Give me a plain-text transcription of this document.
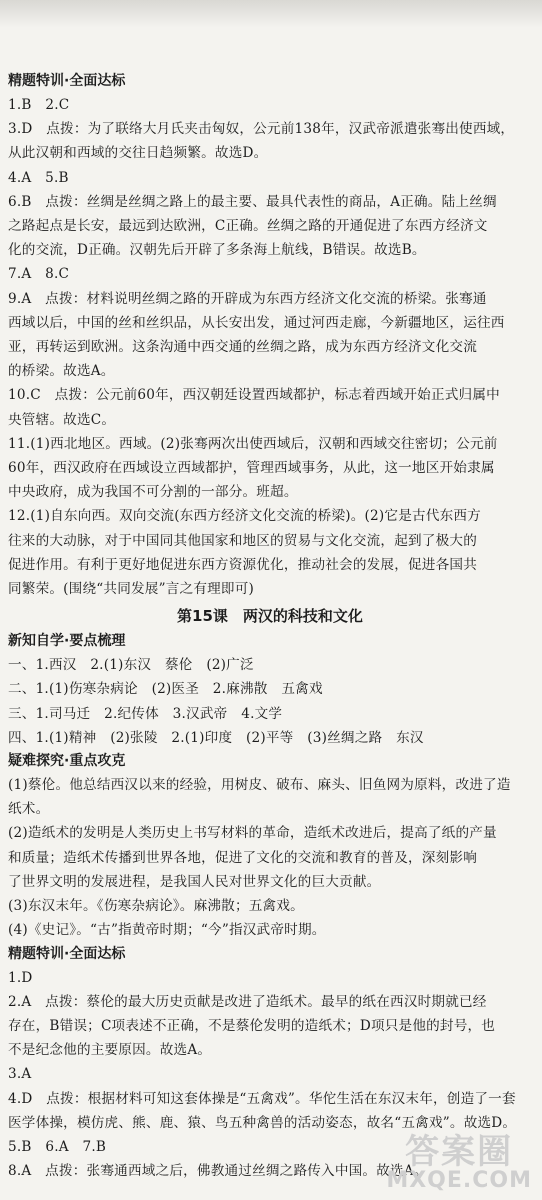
精题特训·全面达标
1.B　2.C
3.D　点拨：为了联络大月氏夹击匈奴，公元前138年，汉武帝派遣张骞出使西域，
从此汉朝和西域的交往日趋频繁。故选D。
4.A　5.B
6.B　点拨：丝绸是丝绸之路上的最主要、最具代表性的商品，A正确。陆上丝绸
之路起点是长安，最远到达欧洲，C正确。丝绸之路的开通促进了东西方经济文
化的交流，D正确。汉朝先后开辟了多条海上航线，B错误。故选B。
7.A　8.C
9.A　点拨：材料说明丝绸之路的开辟成为东西方经济文化交流的桥梁。张骞通
西域以后，中国的丝和丝织品，从长安出发，通过河西走廊，今新疆地区，运往西
亚，再转运到欧洲。这条沟通中西交通的丝绸之路，成为东西方经济文化交流
的桥梁。故选A。
10.C　点拨：公元前60年，西汉朝廷设置西域都护，标志着西域开始正式归属中
央管辖。故选C。
11.(1)西北地区。西域。(2)张骞两次出使西域后，汉朝和西域交往密切；公元前
60年，西汉政府在西域设立西域都护，管理西域事务，从此，这一地区开始隶属
中央政府，成为我国不可分割的一部分。班超。
12.(1)自东向西。双向交流(东西方经济文化交流的桥梁)。(2)它是古代东西方
往来的大动脉，对于中国同其他国家和地区的贸易与文化交流，起到了极大的
促进作用。有利于更好地促进东西方资源优化，推动社会的发展，促进各国共
同繁荣。(围绕“共同发展”言之有理即可)
第15课　两汉的科技和文化
新知自学·要点梳理
一、1.西汉　2.(1)东汉　蔡伦　(2)广泛
二、1.(1)伤寒杂病论　(2)医圣　2.麻沸散　五禽戏
三、1.司马迁　2.纪传体　3.汉武帝　4.文学
四、1.(1)精神　(2)张陵　2.(1)印度　(2)平等　(3)丝绸之路　东汉
疑难探究·重点攻克
(1)蔡伦。他总结西汉以来的经验，用树皮、破布、麻头、旧鱼网为原料，改进了造
纸术。
(2)造纸术的发明是人类历史上书写材料的革命，造纸术改进后，提高了纸的产量
和质量；造纸术传播到世界各地，促进了文化的交流和教育的普及，深刻影响
了世界文明的发展进程，是我国人民对世界文化的巨大贡献。
(3)东汉末年。《伤寒杂病论》。麻沸散；五禽戏。
(4)《史记》。“古”指黄帝时期；“今”指汉武帝时期。
精题特训·全面达标
1.D
2.A　点拨：蔡伦的最大历史贡献是改进了造纸术。最早的纸在西汉时期就已经
存在，B错误；C项表述不正确，不是蔡伦发明的造纸术；D项只是他的封号，也
不是纪念他的主要原因。故选A。
3.A
4.D　点拨：根据材料可知这套体操是“五禽戏”。华佗生活在东汉末年，创造了一套
医学体操，模仿虎、熊、鹿、猿、鸟五种禽兽的活动姿态，故名“五禽戏”。故选D。
5.B　6.A　7.B
8.A　点拨：张骞通西域之后，佛教通过丝绸之路传入中国。故选A。
答案圈
MXQE.COM
